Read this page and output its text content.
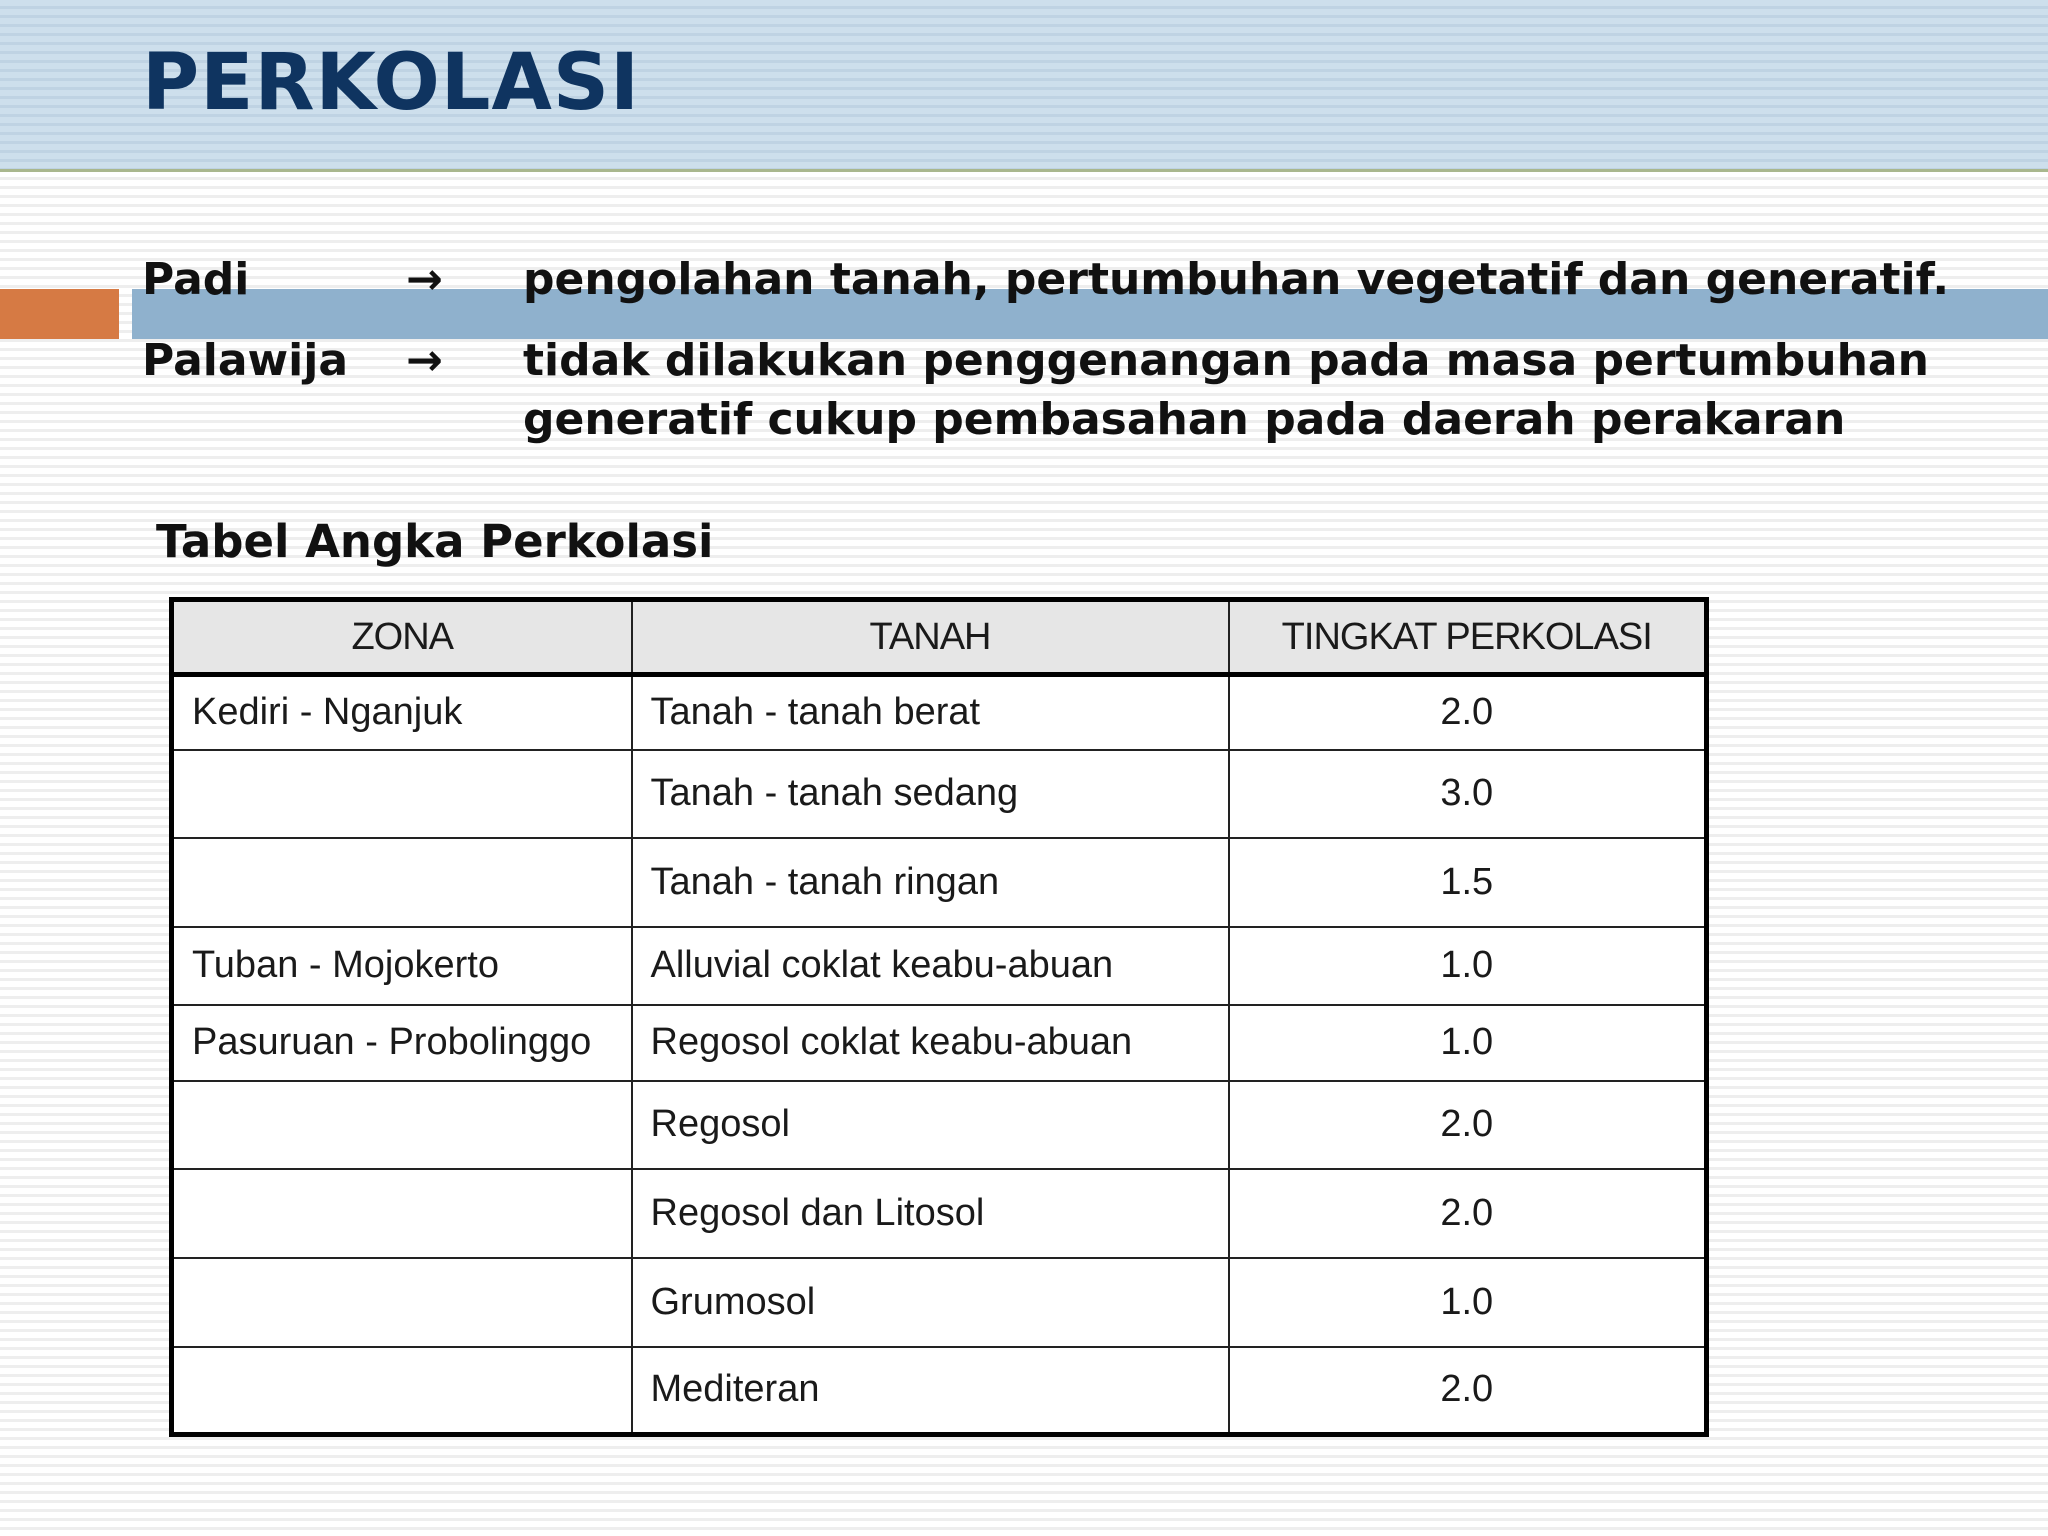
PERKOLASI
Padi	→ pengolahan tanah, pertumbuhan vegetatif dan generatif.
Palawija → tidak dilakukan penggenangan pada masa pertumbuhan
generatif cukup pembasahan pada daerah perakaran
Tabel Angka Perkolasi
ZONA	TANAH	TINGKAT PERKOLASI
Kediri - Nganjuk	Tanah - tanah berat	2.0
	Tanah - tanah sedang	3.0
	Tanah - tanah ringan	1.5
Tuban - Mojokerto	Alluvial coklat keabu-abuan	1.0
Pasuruan - Probolinggo	Regosol coklat keabu-abuan	1.0
	Regosol	2.0
	Regosol dan Litosol	2.0
	Grumosol	1.0
	Mediteran	2.0
